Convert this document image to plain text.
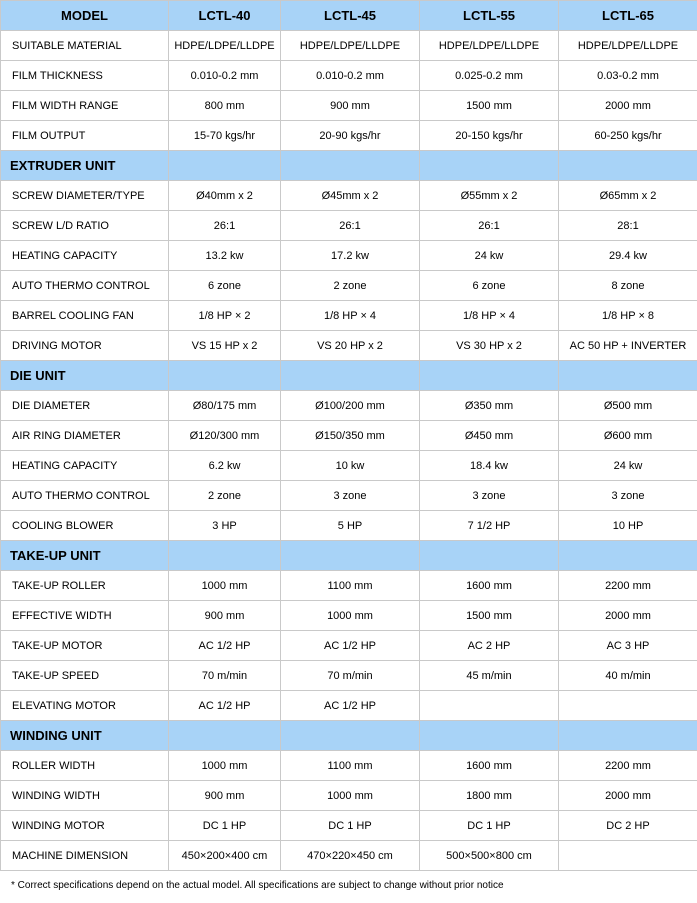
MODEL	LCTL-40	LCTL-45	LCTL-55	LCTL-65
SUITABLE MATERIAL	HDPE/LDPE/LLDPE	HDPE/LDPE/LLDPE	HDPE/LDPE/LLDPE	HDPE/LDPE/LLDPE
FILM THICKNESS	0.010-0.2 mm	0.010-0.2 mm	0.025-0.2 mm	0.03-0.2 mm
FILM WIDTH RANGE	800 mm	900 mm	1500 mm	2000 mm
FILM OUTPUT	15-70 kgs/hr	20-90 kgs/hr	20-150 kgs/hr	60-250 kgs/hr
EXTRUDER UNIT				
SCREW DIAMETER/TYPE	Ø40mm x 2	Ø45mm x 2	Ø55mm x 2	Ø65mm x 2
SCREW L/D RATIO	26:1	26:1	26:1	28:1
HEATING CAPACITY	13.2 kw	17.2 kw	24 kw	29.4 kw
AUTO THERMO CONTROL	6 zone	2 zone	6 zone	8 zone
BARREL COOLING FAN	1/8 HP × 2	1/8 HP × 4	1/8 HP × 4	1/8 HP × 8
DRIVING MOTOR	VS 15 HP x 2	VS 20 HP x 2	VS 30 HP x 2	AC 50 HP + INVERTER
DIE UNIT				
DIE DIAMETER	Ø80/175 mm	Ø100/200 mm	Ø350 mm	Ø500 mm
AIR RING DIAMETER	Ø120/300 mm	Ø150/350 mm	Ø450 mm	Ø600 mm
HEATING CAPACITY	6.2 kw	10 kw	18.4 kw	24 kw
AUTO THERMO CONTROL	2 zone	3 zone	3 zone	3 zone
COOLING BLOWER	3 HP	5 HP	7 1/2 HP	10 HP
TAKE-UP UNIT				
TAKE-UP ROLLER	1000 mm	1100 mm	1600 mm	2200 mm
EFFECTIVE WIDTH	900 mm	1000 mm	1500 mm	2000 mm
TAKE-UP MOTOR	AC 1/2 HP	AC 1/2 HP	AC 2 HP	AC 3 HP
TAKE-UP SPEED	70 m/min	70 m/min	45 m/min	40 m/min
ELEVATING MOTOR	AC 1/2 HP	AC 1/2 HP		
WINDING UNIT				
ROLLER WIDTH	1000 mm	1100 mm	1600 mm	2200 mm
WINDING WIDTH	900 mm	1000 mm	1800 mm	2000 mm
WINDING MOTOR	DC 1 HP	DC 1 HP	DC 1 HP	DC 2 HP
MACHINE DIMENSION	450×200×400 cm	470×220×450 cm	500×500×800 cm	
* Correct specifications depend on the actual model. All specifications are subject to change without prior notice
